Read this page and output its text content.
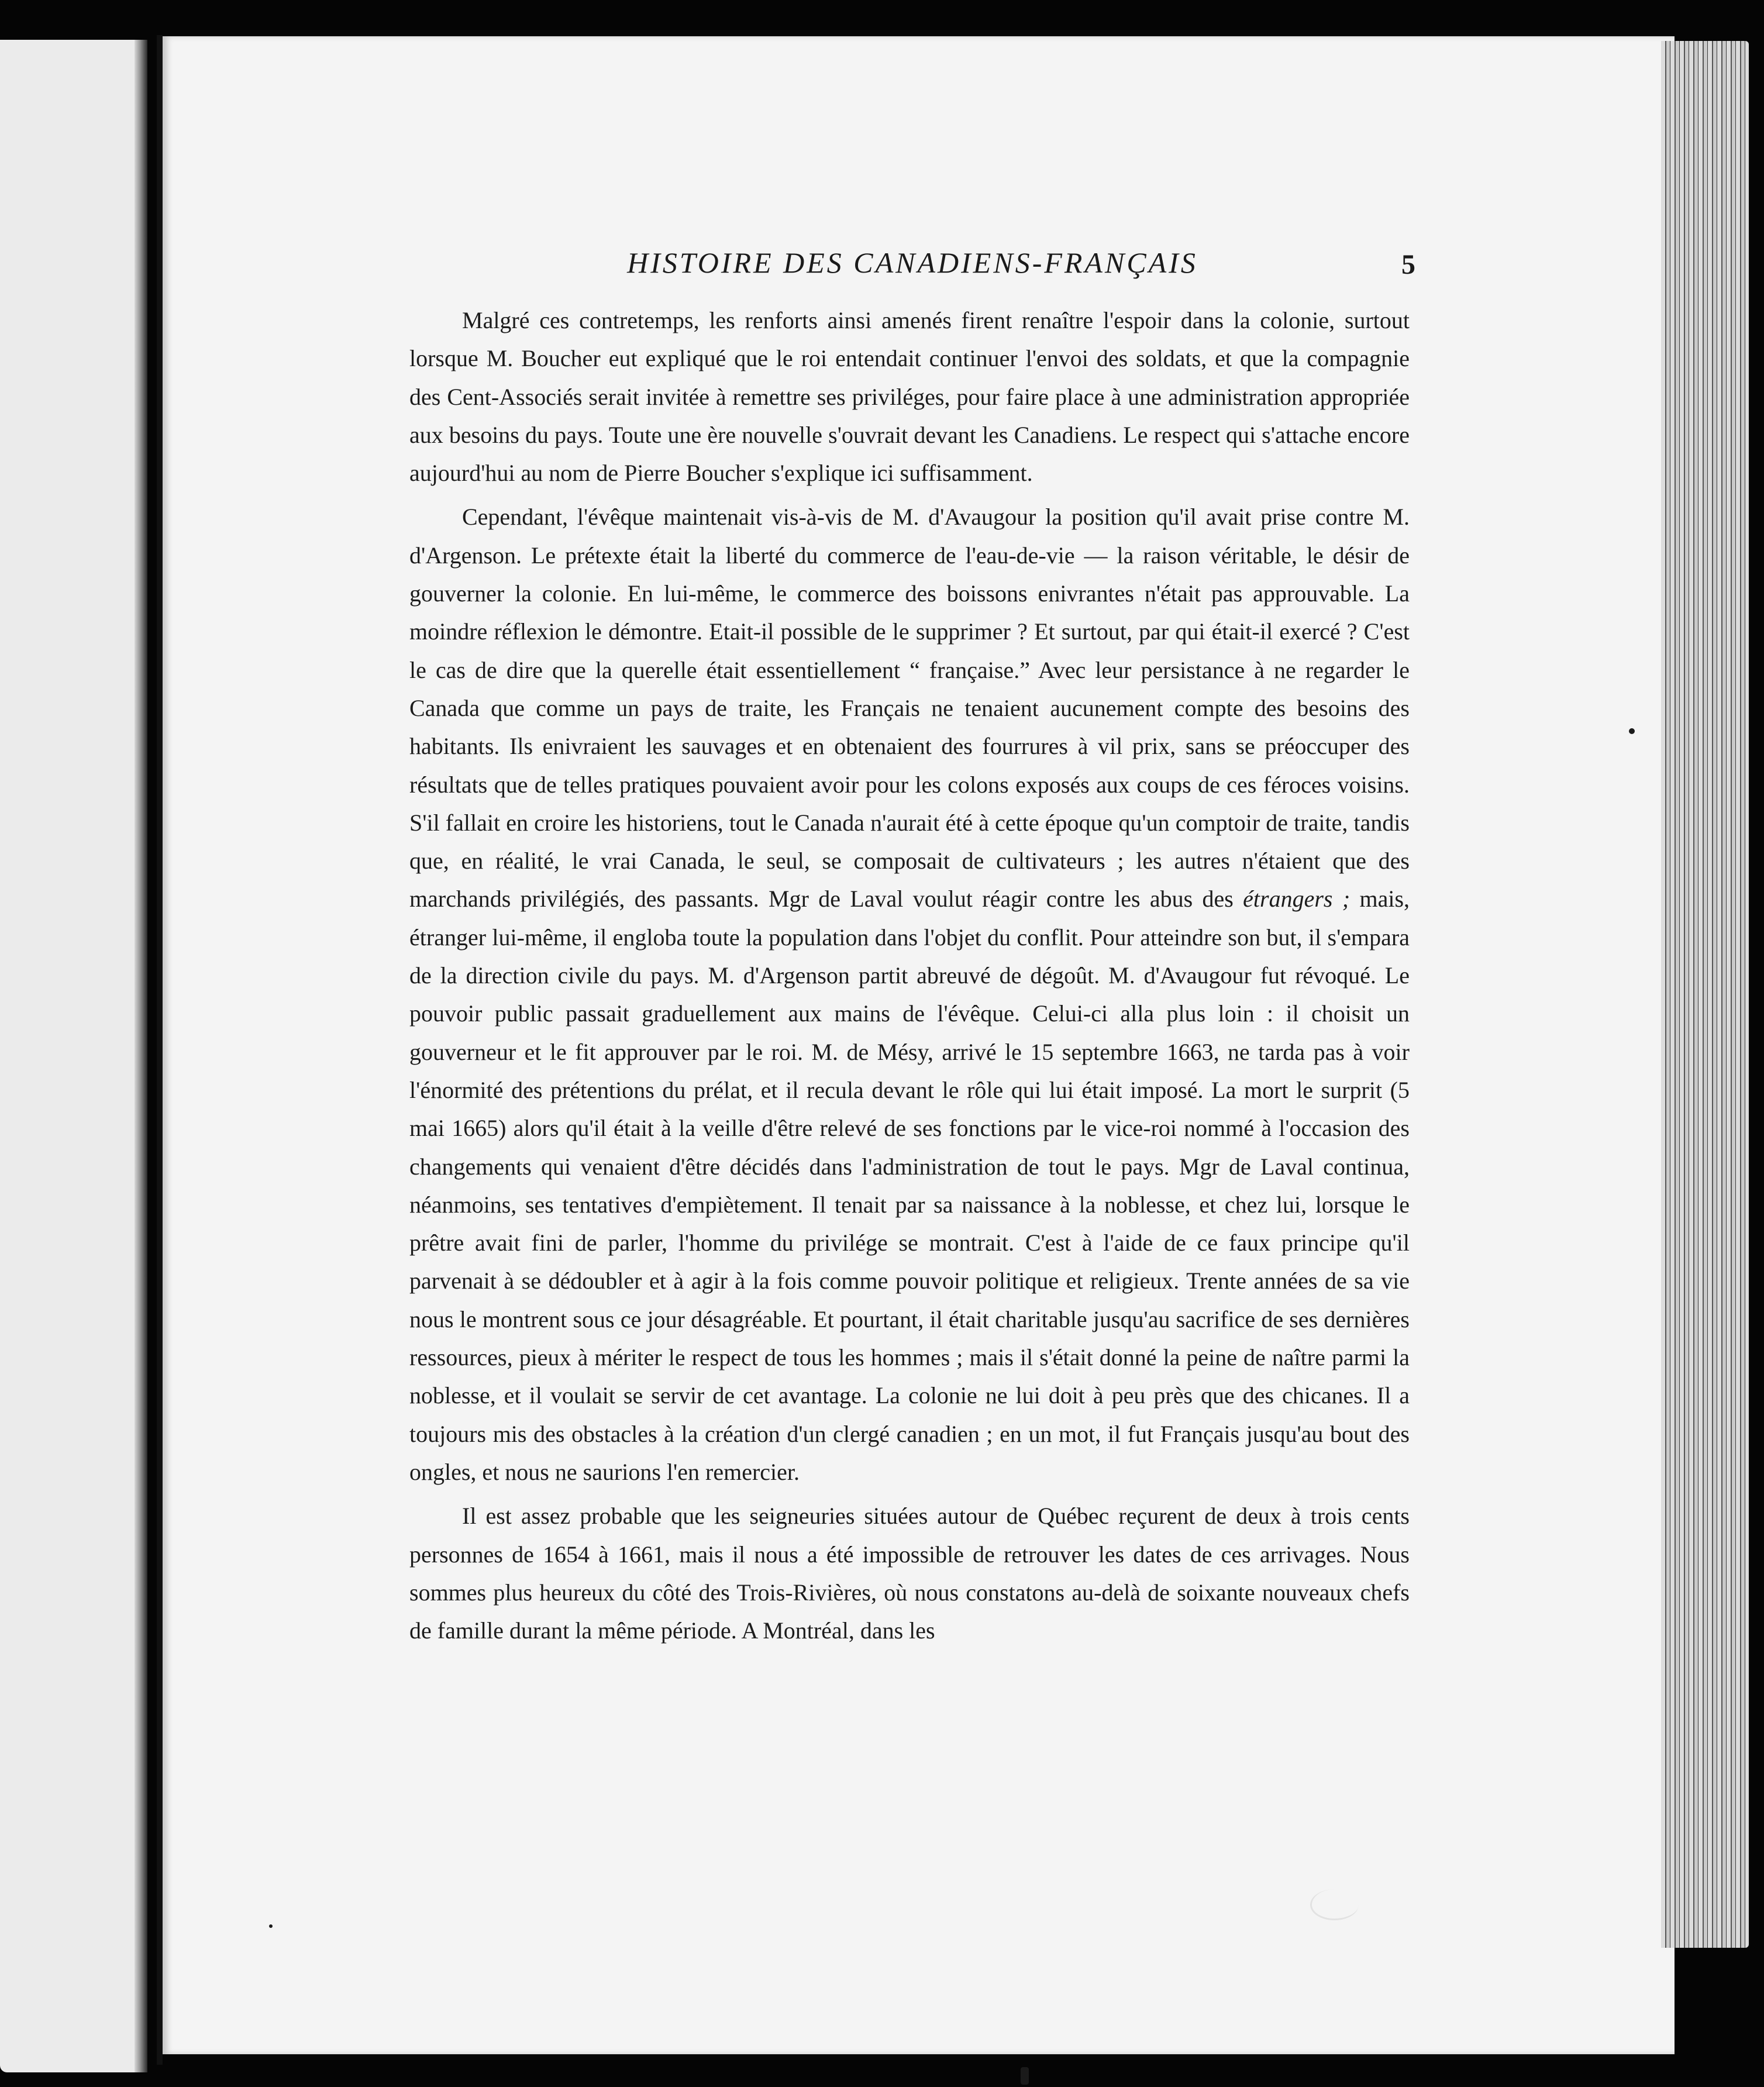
HISTOIRE DES CANADIENS-FRANÇAIS	5

Malgré ces contretemps, les renforts ainsi amenés firent renaître l'espoir dans la colonie, surtout lorsque M. Boucher eut expliqué que le roi entendait continuer l'envoi des soldats, et que la compagnie des Cent-Associés serait invitée à remettre ses priviléges, pour faire place à une administration appropriée aux besoins du pays. Toute une ère nouvelle s'ouvrait devant les Canadiens. Le respect qui s'attache encore aujourd'hui au nom de Pierre Boucher s'explique ici suffisamment.

Cependant, l'évêque maintenait vis-à-vis de M. d'Avaugour la position qu'il avait prise contre M. d'Argenson. Le prétexte était la liberté du commerce de l'eau-de-vie — la raison véritable, le désir de gouverner la colonie. En lui-même, le commerce des boissons enivrantes n'était pas approuvable. La moindre réflexion le démontre. Etait-il possible de le supprimer ? Et surtout, par qui était-il exercé ? C'est le cas de dire que la querelle était essentiellement “ française.” Avec leur persistance à ne regarder le Canada que comme un pays de traite, les Français ne tenaient aucunement compte des besoins des habitants. Ils enivraient les sauvages et en obtenaient des fourrures à vil prix, sans se préoccuper des résultats que de telles pratiques pouvaient avoir pour les colons exposés aux coups de ces féroces voisins. S'il fallait en croire les historiens, tout le Canada n'aurait été à cette époque qu'un comptoir de traite, tandis que, en réalité, le vrai Canada, le seul, se composait de cultivateurs ; les autres n'étaient que des marchands privilégiés, des passants. Mgr de Laval voulut réagir contre les abus des étrangers ; mais, étranger lui-même, il engloba toute la population dans l'objet du conflit. Pour atteindre son but, il s'empara de la direction civile du pays. M. d'Argenson partit abreuvé de dégoût. M. d'Avaugour fut révoqué. Le pouvoir public passait graduellement aux mains de l'évêque. Celui-ci alla plus loin : il choisit un gouverneur et le fit approuver par le roi. M. de Mésy, arrivé le 15 septembre 1663, ne tarda pas à voir l'énormité des prétentions du prélat, et il recula devant le rôle qui lui était imposé. La mort le surprit (5 mai 1665) alors qu'il était à la veille d'être relevé de ses fonctions par le vice-roi nommé à l'occasion des changements qui venaient d'être décidés dans l'administration de tout le pays. Mgr de Laval continua, néanmoins, ses tentatives d'empiètement. Il tenait par sa naissance à la noblesse, et chez lui, lorsque le prêtre avait fini de parler, l'homme du privilége se montrait. C'est à l'aide de ce faux principe qu'il parvenait à se dédoubler et à agir à la fois comme pouvoir politique et religieux. Trente années de sa vie nous le montrent sous ce jour désagréable. Et pourtant, il était charitable jusqu'au sacrifice de ses dernières ressources, pieux à mériter le respect de tous les hommes ; mais il s'était donné la peine de naître parmi la noblesse, et il voulait se servir de cet avantage. La colonie ne lui doit à peu près que des chicanes. Il a toujours mis des obstacles à la création d'un clergé canadien ; en un mot, il fut Français jusqu'au bout des ongles, et nous ne saurions l'en remercier.

Il est assez probable que les seigneuries situées autour de Québec reçurent de deux à trois cents personnes de 1654 à 1661, mais il nous a été impossible de retrouver les dates de ces arrivages. Nous sommes plus heureux du côté des Trois-Rivières, où nous constatons au-delà de soixante nouveaux chefs de famille durant la même période. A Montréal, dans les
